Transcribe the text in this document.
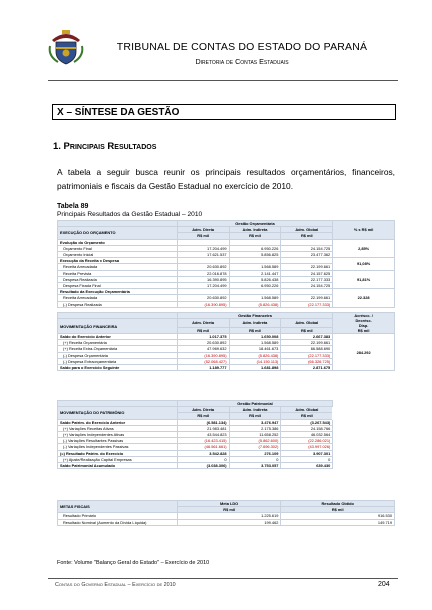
TRIBUNAL DE CONTAS DO ESTADO DO PARANÁ
Diretoria de Contas Estaduais
X – SÍNTESE DA GESTÃO
1. Principais Resultados
A tabela a seguir busca reunir os principais resultados orçamentários, financeiros, patrimoniais e fiscais da Gestão Estadual no exercício de 2010.
Tabela 89
Principais Resultados da Gestão Estadual – 2010
	Gestão Orçamentária			% s R$ mil
EXECUÇÃO DO ORÇAMENTO	Adm. Direta	Adm. Indireta	Adm. Global	
	R$ mil	R$ mil	R$ mil	
Evolução do Orçamento				2,85%
Orçamento Final	17.204.499	6.950.226	24.154.725	
Orçamento Inicial	17.621.537	5.856.825	23.477.362	
Execução da Receita x Despesa				91,08%
Receita Arrecadada	20.630.892	1.568.589	22.199.661	
Receita Prevista	22.016.878	2.141.447	24.157.625	91,81%
Despesa Realizada	16.390.895	5.826.438	22.177.333	
Despesa Fixada Final	17.204.499	6.950.226	24.154.725	
Resultado da Execução Orçamentária				22.328
Receita Arrecadada	20.630.892	1.568.589	22.199.661	
(-) Despesa Realizada	(16.390.895)	(5.826.438)	(22.177.333)	
	Gestão Financeira			Acréscc. /
Decrésc.
Disp.
R$ mil
MOVIMENTAÇÃO FINANCEIRA	Adm. Direta	Adm. Indireta	Adm. Global	
	R$ mil	R$ mil	R$ mil	
Saldo do Exercício Anterior	1.017.375	1.650.008	2.667.383	284.292
(+) Receita Orçamentária	20.630.892	1.568.589	22.199.661	
(+) Receita Extra-Orçamentária	47.969.632	18.461.673	66.588.690	
(-) Despesa Orçamentária	(16.390.895)	(5.826.438)	(22.177.333)	
(-) Despesa Extraorçamentária	(52.068.427)	(14.150.113)	(66.326.725)	
Saldo para o Exercício Seguinte	1.189.777	1.681.898	2.871.675	
	Gestão Patrimonial			
MOVIMENTAÇÃO DO PATRIMÔNIO	Adm. Direta	Adm. Indireta	Adm. Global	
	R$ mil	R$ mil	R$ mil	
Saldo Patrim. do Exercício Anterior	(6.581.134)	3.476.947	(3.267.543)	
(+) Variações Receitas Ativas	21.983.481	2.175.386	24.158.766	
(+) Variações Independentes Ativas	43.544.823	11.658.252	46.032.564	
(-) Variações Resultantes Passivas	(16.423.415)	(5.862.600)	(22.286.021)	
(-) Variações Independentes Passivas	(46.561.661)	(7.696.302)	(43.997.026)	
(=) Resultado Patrim. do Exercício	3.542.828	276.109	3.907.301	
(+) Ajuste/Realização Capital Empresas	0	0	0	
Saldo Patrimonial Acumulado	(3.038.306)	3.753.057	639.430	
METAS FISCAIS	Meta LDO	Resultado Obtido
	R$ mil	R$ mil
Resultado Primário	1.225.619	916.530
Resultado Nominal (Aumento da Dívida Líquida)	199.462	149.719
Fonte: Volume "Balanço Geral do Estado" – Exercício de 2010
Contas do Governo Estadual – Exercício de 2010	204
